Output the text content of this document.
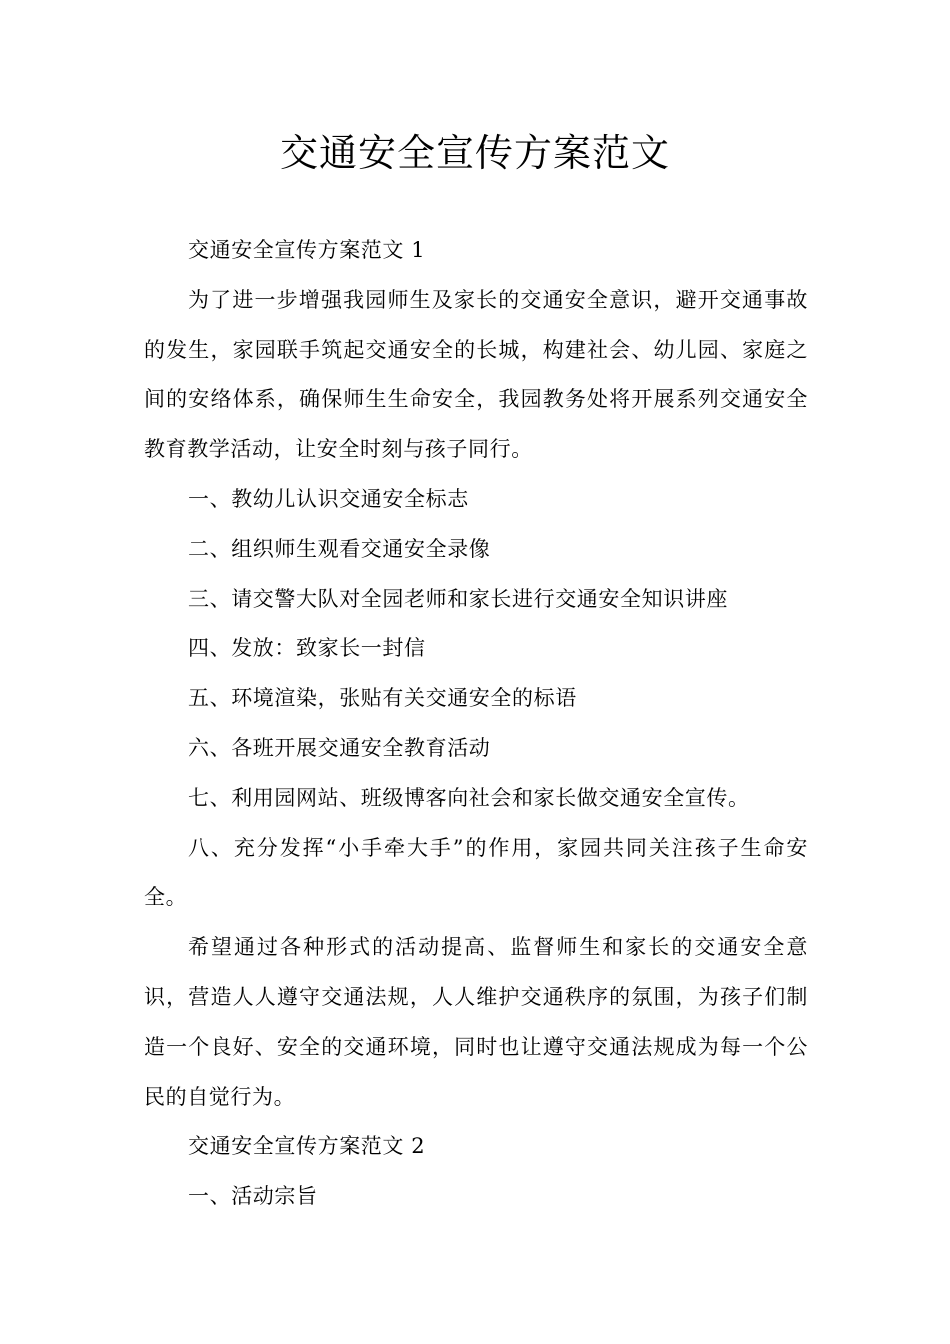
交通安全宣传方案范文

交通安全宣传方案范文 1

为了进一步增强我园师生及家长的交通安全意识，避开交通事故的发生，家园联手筑起交通安全的长城，构建社会、幼儿园、家庭之间的安络体系，确保师生生命安全，我园教务处将开展系列交通安全教育教学活动，让安全时刻与孩子同行。

一、教幼儿认识交通安全标志

二、组织师生观看交通安全录像

三、请交警大队对全园老师和家长进行交通安全知识讲座

四、发放：致家长一封信

五、环境渲染，张贴有关交通安全的标语

六、各班开展交通安全教育活动

七、利用园网站、班级博客向社会和家长做交通安全宣传。

八、充分发挥“小手牵大手”的作用，家园共同关注孩子生命安全。

希望通过各种形式的活动提高、监督师生和家长的交通安全意识，营造人人遵守交通法规，人人维护交通秩序的氛围，为孩子们制造一个良好、安全的交通环境，同时也让遵守交通法规成为每一个公民的自觉行为。

交通安全宣传方案范文 2

一、活动宗旨
